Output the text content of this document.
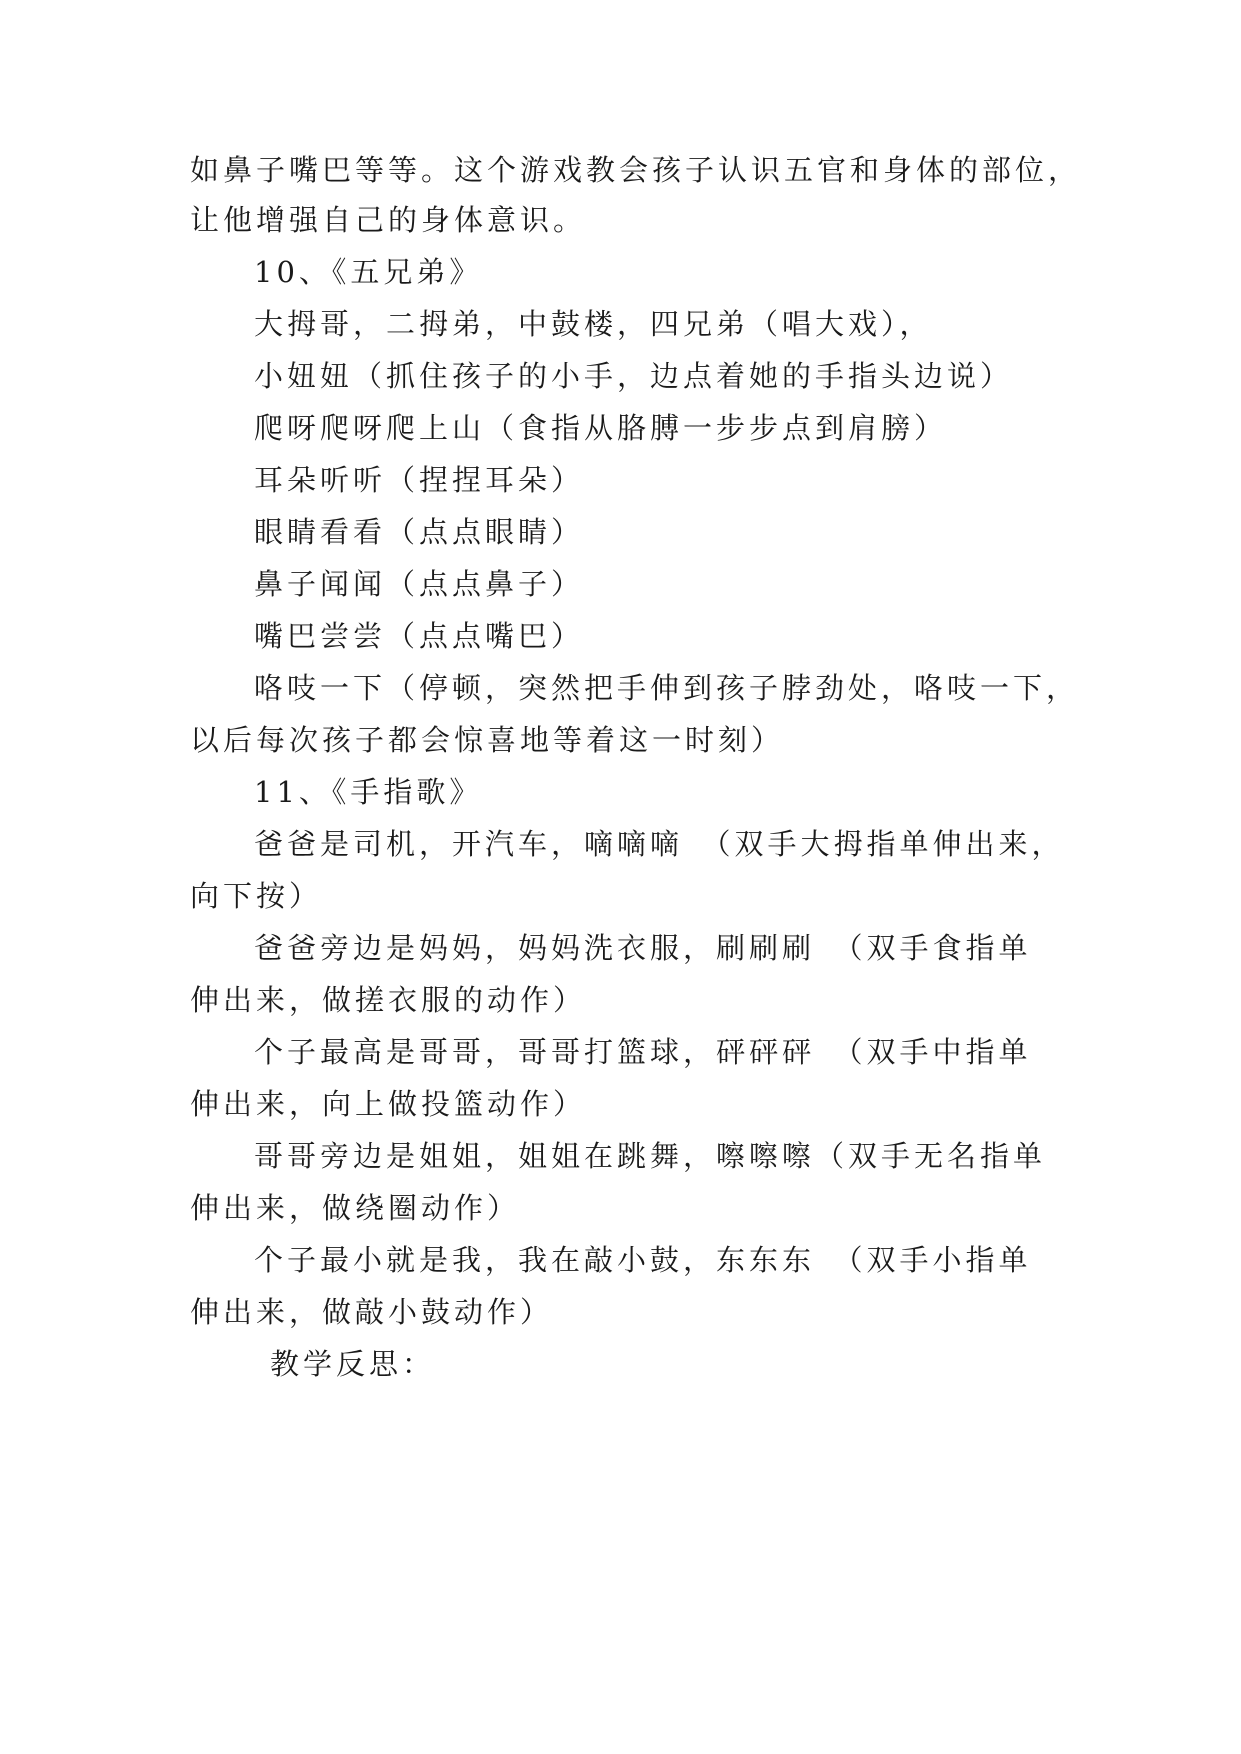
如鼻子嘴巴等等。这个游戏教会孩子认识五官和身体的部位，
让他增强自己的身体意识。
10、《五兄弟》
大拇哥，二拇弟，中鼓楼，四兄弟（唱大戏），
小妞妞（抓住孩子的小手，边点着她的手指头边说）
爬呀爬呀爬上山（食指从胳膊一步步点到肩膀）
耳朵听听（捏捏耳朵）
眼睛看看（点点眼睛）
鼻子闻闻（点点鼻子）
嘴巴尝尝（点点嘴巴）
咯吱一下（停顿，突然把手伸到孩子脖劲处，咯吱一下，
以后每次孩子都会惊喜地等着这一时刻）
11、《手指歌》
爸爸是司机，开汽车，嘀嘀嘀　（双手大拇指单伸出来，
向下按）
爸爸旁边是妈妈，妈妈洗衣服，刷刷刷　（双手食指单
伸出来，做搓衣服的动作）
个子最高是哥哥，哥哥打篮球，砰砰砰　（双手中指单
伸出来，向上做投篮动作）
哥哥旁边是姐姐，姐姐在跳舞，嚓嚓嚓（双手无名指单
伸出来，做绕圈动作）
个子最小就是我，我在敲小鼓，东东东　（双手小指单
伸出来，做敲小鼓动作）
教学反思：
